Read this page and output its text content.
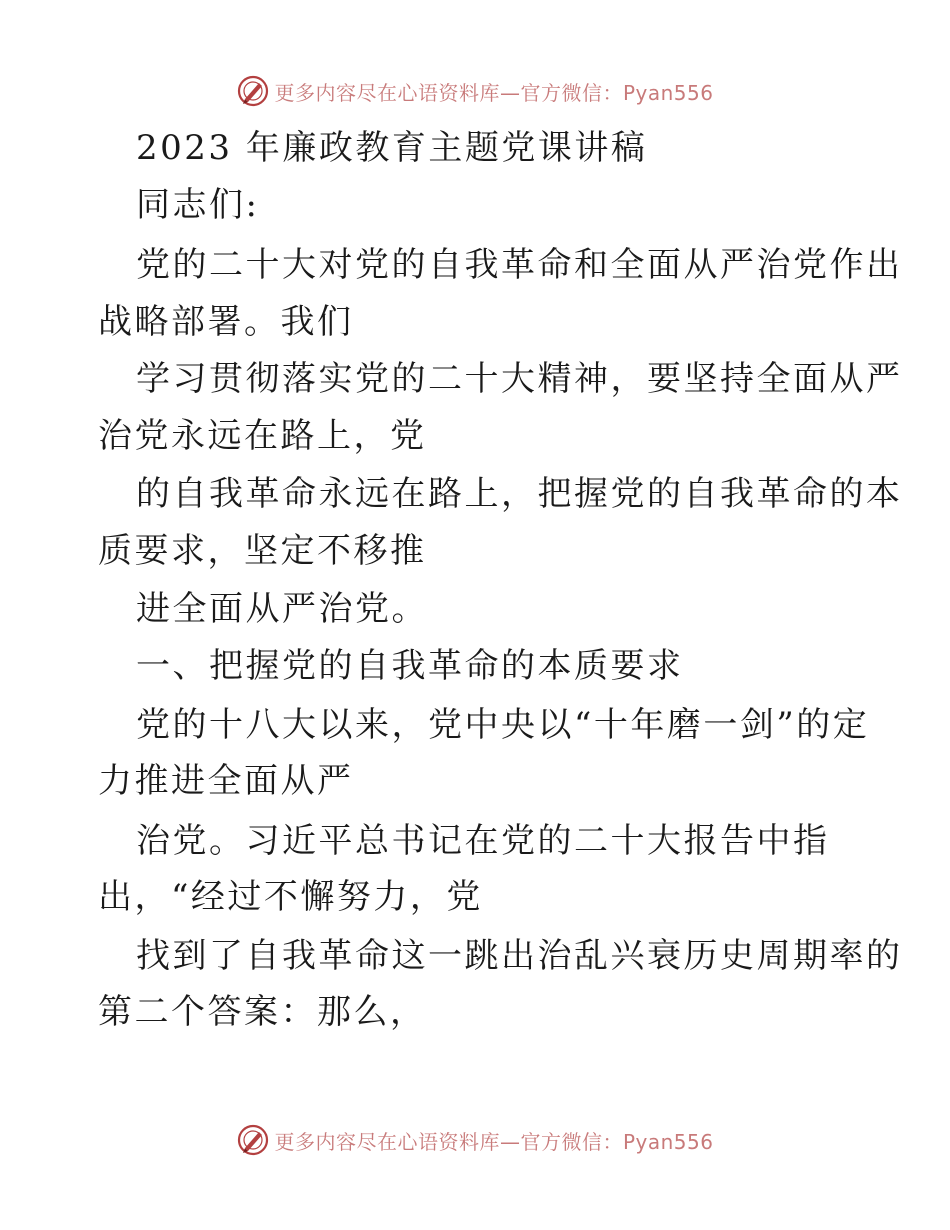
更多内容尽在心语资料库—官方微信：Pyan556
2023 年廉政教育主题党课讲稿
同志们:
党的二十大对党的自我革命和全面从严治党作出
战略部署。我们
学习贯彻落实党的二十大精神，要坚持全面从严
治党永远在路上，党
的自我革命永远在路上，把握党的自我革命的本
质要求，坚定不移推
进全面从严治党。
一、把握党的自我革命的本质要求
党的十八大以来，党中央以“十年磨一剑”的定
力推进全面从严
治党。习近平总书记在党的二十大报告中指
出，“经过不懈努力，党
找到了自我革命这一跳出治乱兴衰历史周期率的
第二个答案：那么，
更多内容尽在心语资料库—官方微信：Pyan556
